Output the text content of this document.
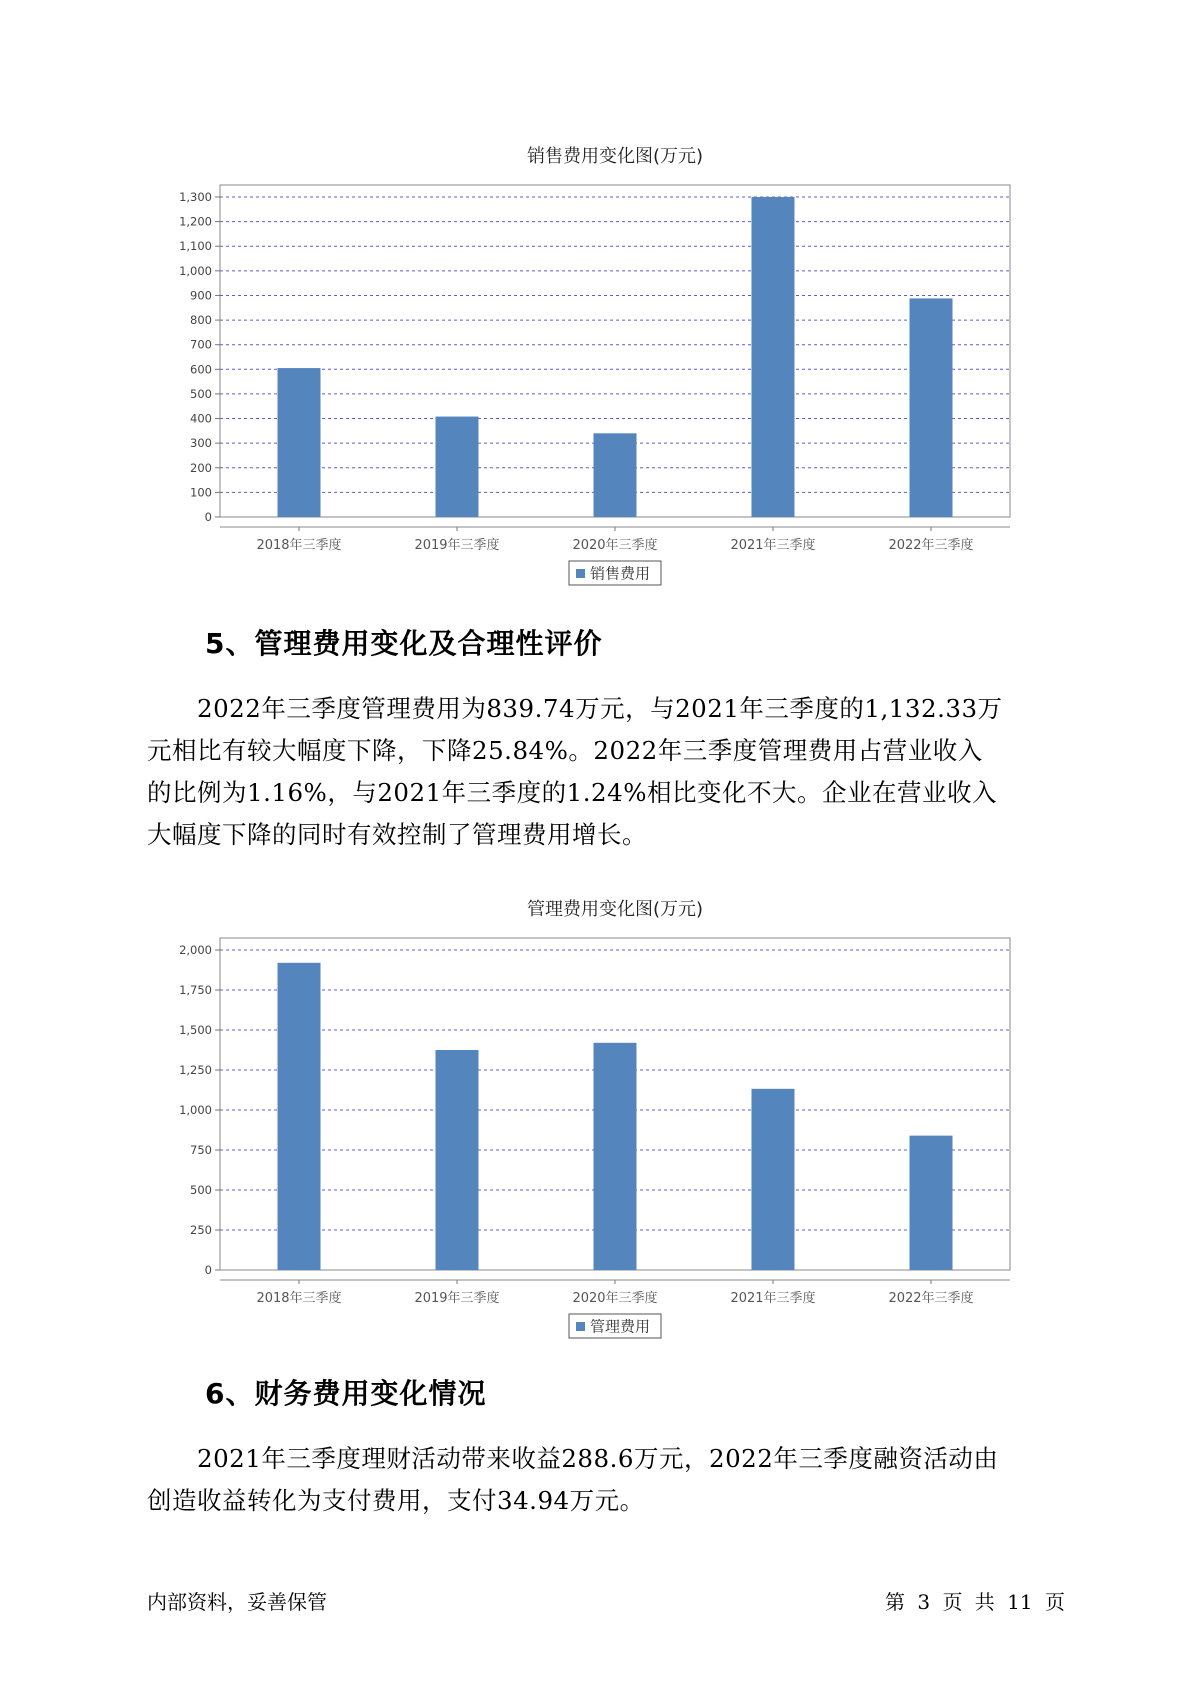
销售费用变化图(万元)
0
100
200
300
400
500
600
700
800
900
1,000
1,100
1,200
1,300
2018年三季度	2019年三季度	2020年三季度	2021年三季度	2022年三季度
销售费用
5、管理费用变化及合理性评价
2022年三季度管理费用为839.74万元，与2021年三季度的1,132.33万
元相比有较大幅度下降，下降25.84%。2022年三季度管理费用占营业收入
的比例为1.16%，与2021年三季度的1.24%相比变化不大。企业在营业收入
大幅度下降的同时有效控制了管理费用增长。
管理费用变化图(万元)
0
250
500
750
1,000
1,250
1,500
1,750
2,000
2018年三季度	2019年三季度	2020年三季度	2021年三季度	2022年三季度
管理费用
6、财务费用变化情况
2021年三季度理财活动带来收益288.6万元，2022年三季度融资活动由
创造收益转化为支付费用，支付34.94万元。
内部资料，妥善保管	第 3 页 共 11 页
